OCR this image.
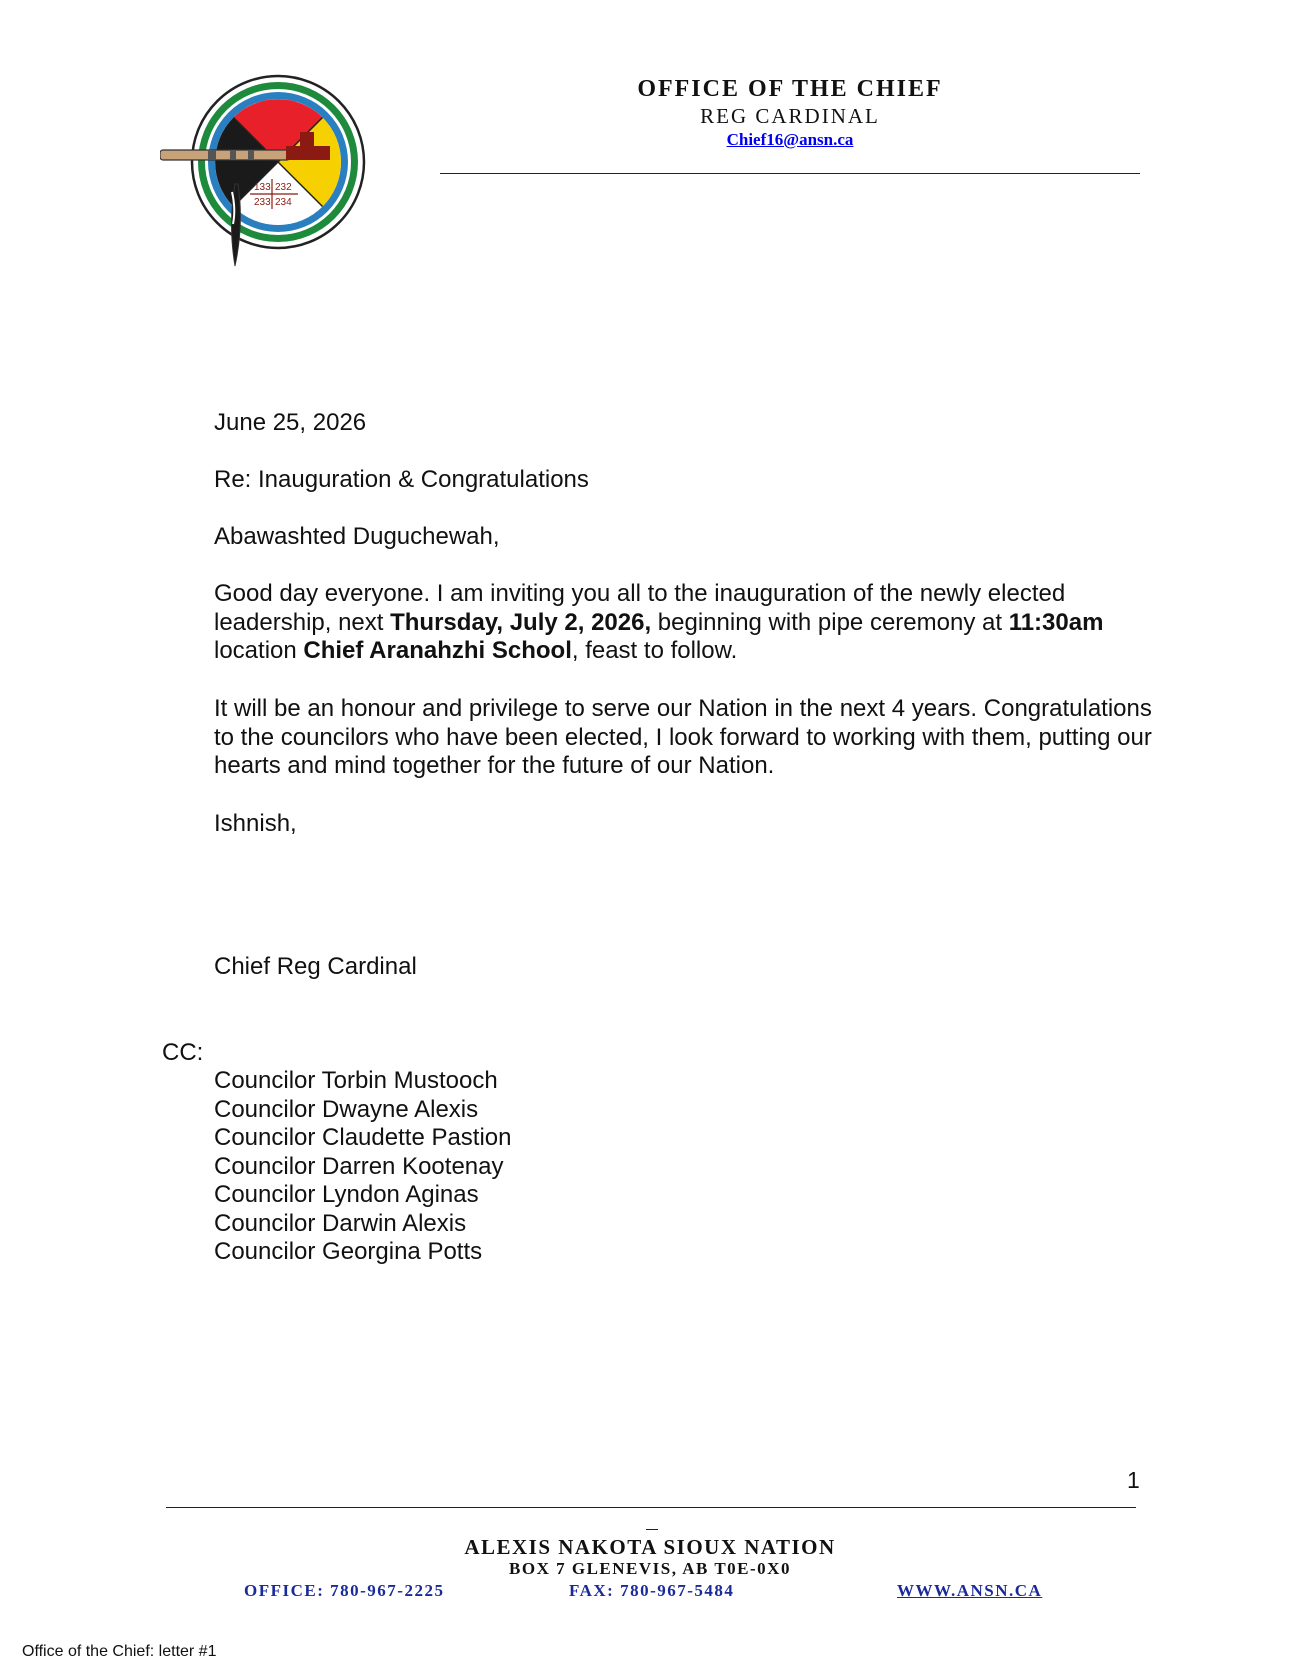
133 232
233 234
OFFICE OF THE CHIEF
REG CARDINAL
Chief16@ansn.ca
June 25, 2026
Re: Inauguration & Congratulations
Abawashted Duguchewah,
Good day everyone. I am inviting you all to the inauguration of the newly elected leadership, next Thursday, July 2, 2026, beginning with pipe ceremony at 11:30am location Chief Aranahzhi School, feast to follow.
It will be an honour and privilege to serve our Nation in the next 4 years. Congratulations to the councilors who have been elected, I look forward to working with them, putting our hearts and mind together for the future of our Nation.
Ishnish,
Chief Reg Cardinal
CC:
Councilor Torbin Mustooch
Councilor Dwayne Alexis
Councilor Claudette Pastion
Councilor Darren Kootenay
Councilor Lyndon Aginas
Councilor Darwin Alexis
Councilor Georgina Potts
1
ALEXIS NAKOTA SIOUX NATION
BOX 7 GLENEVIS, AB T0E-0X0
OFFICE: 780-967-2225	FAX: 780-967-5484	WWW.ANSN.CA
Office of the Chief: letter #1
